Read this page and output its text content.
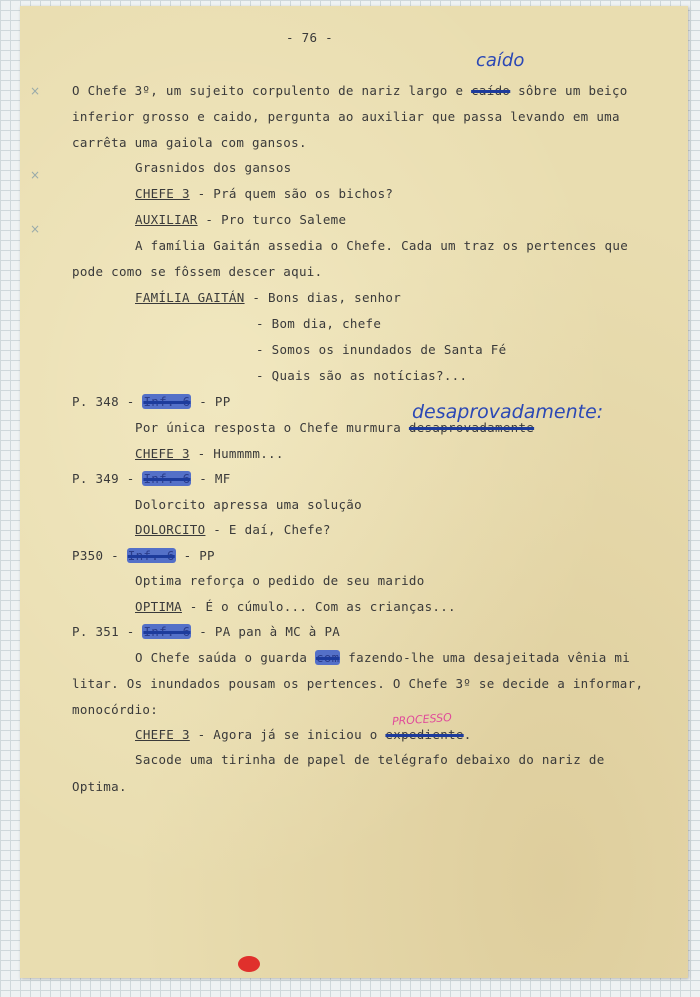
×
×
×
- 76 -
caído
desaprovadamente:
PROCESSO
O Chefe 3º, um sujeito corpulento de nariz largo e caído sôbre um beiço
inferior grosso e caido, pergunta ao auxiliar que passa levando em uma
carrêta uma gaiola com gansos.
Grasnidos dos gansos
CHEFE 3 - Prá quem são os bichos?
AUXILIAR - Pro turco Saleme
A família Gaitán assedia o Chefe. Cada um traz os pertences que
pode como se fôssem descer aqui.
FAMÍLIA GAITÁN - Bons dias, senhor
- Bom dia, chefe
- Somos os inundados de Santa Fé
- Quais são as notícias?...
P. 348 - Inf. 6 - PP
Por única resposta o Chefe murmura desaprovadamente
CHEFE 3 - Hummmm...
P. 349 - Inf. 6 - MF
Dolorcito apressa uma solução
DOLORCITO - E daí, Chefe?
P350 - Inf. 6 - PP
Optima reforça o pedido de seu marido
OPTIMA - É o cúmulo... Com as crianças...
P. 351 - Inf. 6 - PA pan à MC à PA
O Chefe saúda o guarda com fazendo-lhe uma desajeitada vênia mi
litar. Os inundados pousam os pertences. O Chefe 3º se decide a informar,
monocórdio:
CHEFE 3 - Agora já se iniciou o expediente.
Sacode uma tirinha de papel de telégrafo debaixo do nariz de
Optima.
